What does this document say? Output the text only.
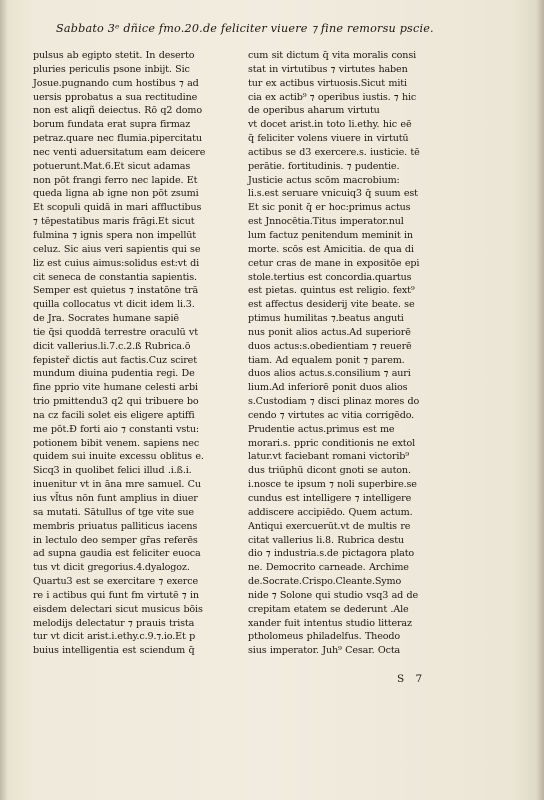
Sabbato 3ᵉ dñice fmo.20.de feliciter viuere ⁊ fine remorsu pscie.
pulsus ab egipto stetit. In deserto
pluries periculis psone inbijt. Sic
Josue.pugnando cum hostibus ⁊ ad
uersis pprobatus a sua rectitudine
non est aliqñ deiectus. Rō q2 domo
borum fundata erat supra firmaz
petraz.quare nec flumia.pipercitatu
nec venti aduersitatum eam deicere
potuerunt.Mat.6.Et sicut adamas
non pōt frangi ferro nec lapide. Et
queda ligna ab igne non pōt zsumi
Et scopuli quidā in mari affluctibus
⁊ tēpestatibus maris frāgi.Et sicut
fulmina ⁊ ignis spera non impellūt
celuz. Sic aius veri sapientis qui se
liz est cuius aimus:solidus est:vt di
cit seneca de constantia sapientis.
Semper est quietus ⁊ instatōne trā
quilla collocatus vt dicit idem li.3.
de Jra. Socrates humane sapiē
tie q̄si quoddā terrestre oraculū vt
dicit vallerius.li.7.c.2.ß Rubrica.ō
fepisteř dictis aut factis.Cuz sciret
mundum diuina pudentia regi. De
fine pprio vite humane celesti arbi
trio pmittendu3 q2 qui tribuere bo
na cz facili solet eis eligere aptiffi
me pōt.Ð forti aio ⁊ constanti vstu:
potionem bibit venem. sapiens nec
quidem sui inuite excessu oblitus e.
Sicq3 in quolibet felici illud .i.ß.i.
inuenitur vt in āna mre samuel. Cu
ius vl̄tus nōn funt amplius in diuer
sa mutati. Sātullus of tge vite sue
membris priuatus palliticus iacens
in lectulo deo semper gr̄as referēs
ad supna gaudia est feliciter euoca
tus vt dicit gregorius.4.dyalogoz.
Quartu3 est se exercitare ⁊ exerce
re i actibus qui funt fm virtutē ⁊ in
eisdem delectari sicut musicus bōis
melodijs delectatur ⁊ prauis trista
tur vt dicit arist.i.ethy.c.9.⁊.io.Et p
buius intelligentia est sciendum q̄
cum sit dictum q̄ vita moralis consi
stat in virtutibus ⁊ virtutes haben
tur ex actibus virtuosis.Sicut miti
cia ex actib⁹ ⁊ operibus iustis. ⁊ hic
de operibus aharum virtutu
vt docet arist.in toto li.ethy. hic eē
q̄ feliciter volens viuere in virtutū
actibus se d3 exercere.s. iusticie. tē
perātie. fortitudinis. ⁊ pudentie.
Justicie actus scōm macrobium:
li.s.est seruare vnicuiq3 q̄ suum est
Et sic ponit q̄ er hoc:primus actus
est Jnnocētia.Titus imperator.nul
lum factuz penitendum meminit in
morte. scōs est Amicitia. de qua di
cetur cras de mane in expositōe epi
stole.tertius est concordia.quartus
est pietas. quintus est religio. fext⁹
est affectus desiderij vite beate. se
ptimus humilitas ⁊.beatus anguti
nus ponit alios actus.Ad superiorē
duos actus:s.obedientiam ⁊ reuerē
tiam. Ad equalem ponit ⁊ parem.
duos alios actus.s.consilium ⁊ auri
lium.Ad inferiorē ponit duos alios
s.Custodiam ⁊ disci plinaz mores do
cendo ⁊ virtutes ac vitia corrigēdo.
Prudentie actus.primus est me
morari.s. ppric conditionis ne extol
latur.vt faciebant romani victorib⁹
dus triūphū dicont gnoti se auton.
i.nosce te ipsum ⁊ noli superbire.se
cundus est intelligere ⁊ intelligere
addiscere accipiēdo. Quem actum.
Antiqui exercuerūt.vt de multis re
citat vallerius li.8. Rubrica destu
dio ⁊ industria.s.de pictagora plato
ne. Democrito carneade. Archime
de.Socrate.Crispo.Cleante.Symo
nide ⁊ Solone qui studio vsq3 ad de
crepitam etatem se dederunt .Ale
xander fuit intentus studio litteraz
ptholomeus philadelfus. Theodo
sius imperator. Juh⁹ Cesar. Octa
S 7
